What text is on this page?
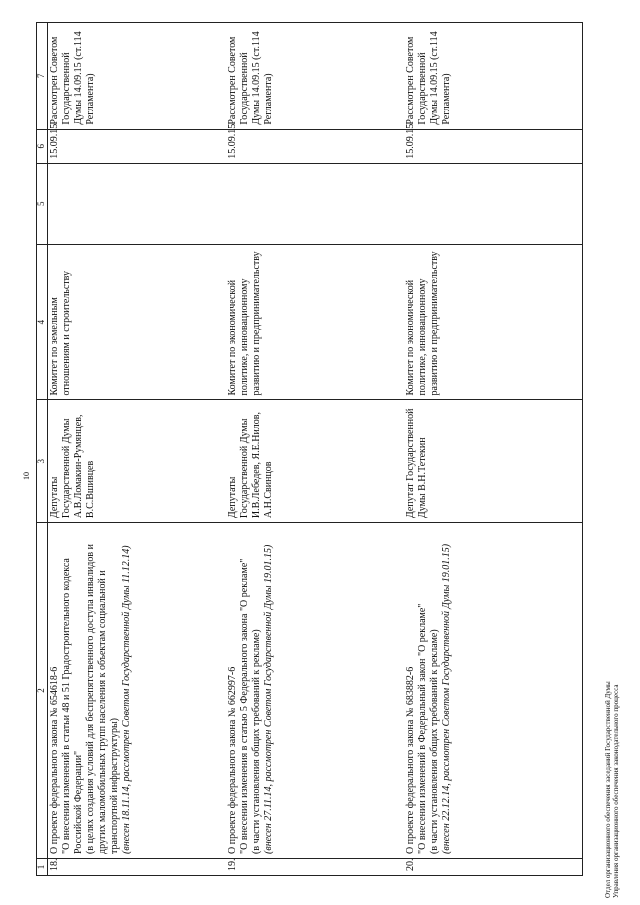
10
1	2	3	4	5	6	7
18.	О проекте федерального закона № 654618-6 "О внесении изменений в статьи 48 и 51 Градостроительного кодекса Российской Федерации" (в целях создания условий для беспрепятственного доступа инвалидов и других маломобильных групп населения к объектам социальной и транспортной инфраструктуры) (внесен 18.11.14, рассмотрен Советом Государственной Думы 11.12.14)	Депутаты Государственной Думы А.В.Ломакин-Румянцев, В.С.Вшивцев	Комитет по земельным отношениям и строительству		15.09.15	Рассмотрен Советом Государственной Думы 14.09.15 (ст.114 Регламента)
19.	О проекте федерального закона № 662997-6 "О внесении изменения в статью 5 Федерального закона "О рекламе" (в части установления общих требований к рекламе) (внесен 27.11.14, рассмотрен Советом Государственной Думы 19.01.15)	Депутаты Государственной Думы И.В.Лебедев, Я.Е.Нилов, А.Н.Свинцов	Комитет по экономической политике, инновационному развитию и предпринимательству		15.09.15	Рассмотрен Советом Государственной Думы 14.09.15 (ст.114 Регламента)
20.	О проекте федерального закона № 683882-6 "О внесении изменений в Федеральный закон "О рекламе" (в части установления общих требований к рекламе) (внесен 22.12.14, рассмотрен Советом Государственной Думы 19.01.15)	Депутат Государственной Думы В.Н.Тетекин	Комитет по экономической политике, инновационному развитию и предпринимательству		15.09.15	Рассмотрен Советом Государственной Думы 14.09.15 (ст.114 Регламента)
Отдел организационного обеспечения заседаний Государственной Думы Управления организационного обеспечения законодательного процесса
